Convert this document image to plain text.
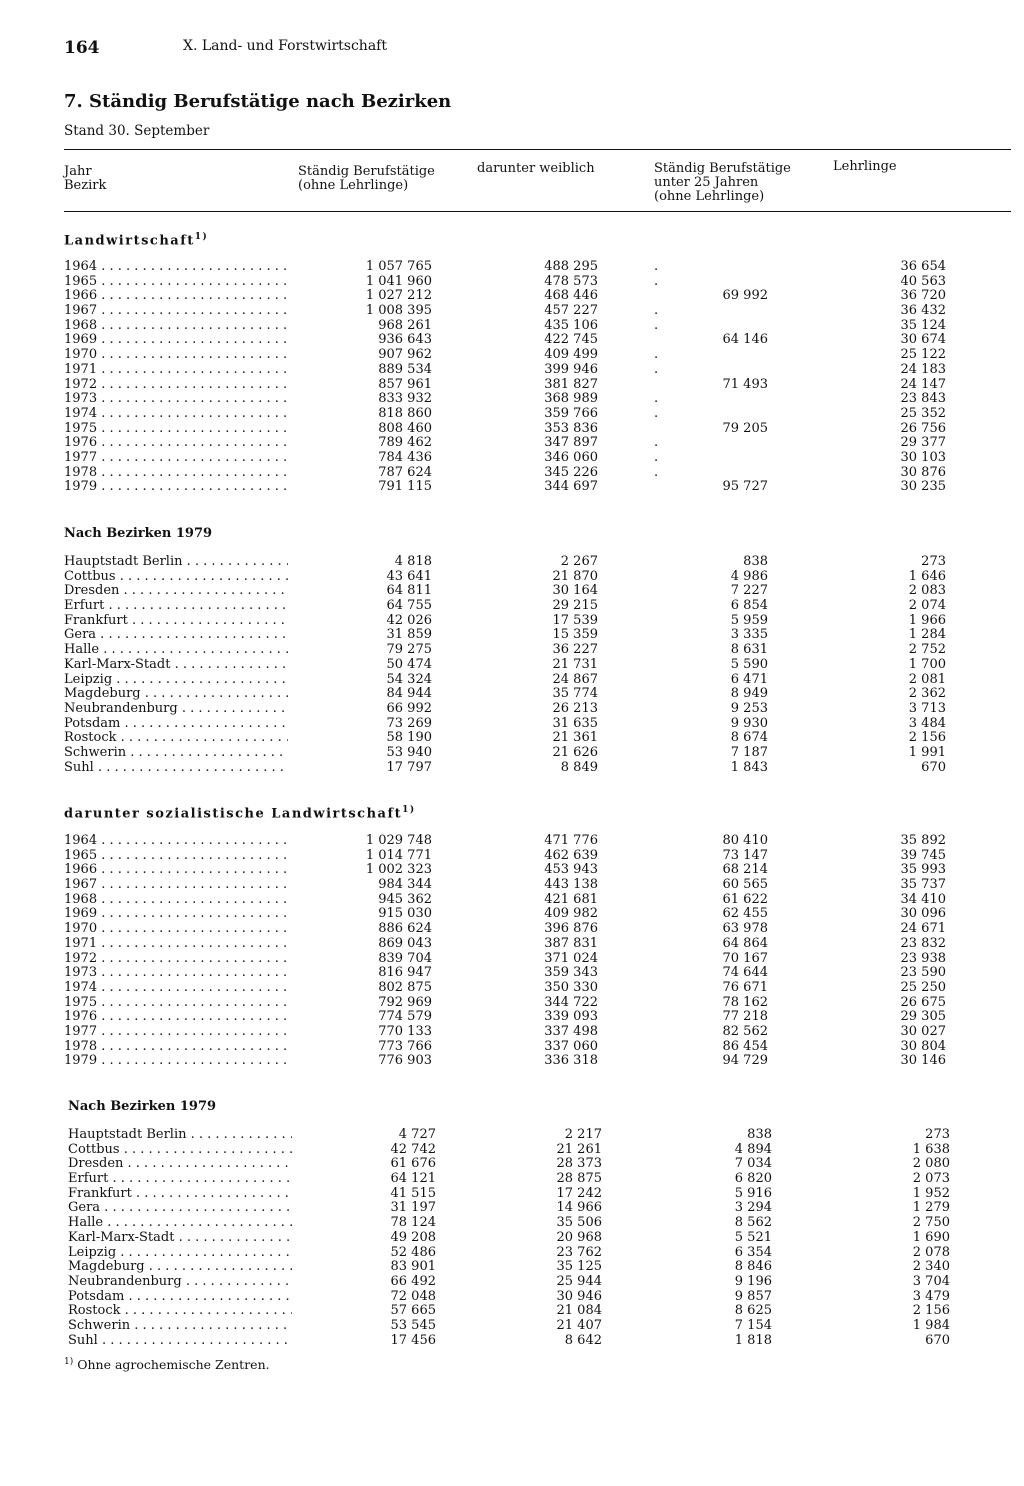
164	X. Land- und Forstwirtschaft
7. Ständig Berufstätige nach Bezirken
Stand 30. September
Jahr
Bezirk
Ständig Berufstätige
(ohne Lehrlinge)
darunter weiblich	Ständig Berufstätige
unter 25 Jahren
(ohne Lehrlinge)
Lehrlinge
Landwirtschaft$^{1)}$
1964 . . .	1 057 765	488 295	.	36 654
1965 . . .	1 041 960	478 573	.	40 563
1966 . . .	1 027 212	468 446	69 992	36 720
1967 . . .	1 008 395	457 227	.	36 432
1968 . . .	968 261	435 106	.	35 124
1969 . . .	936 643	422 745	64 146	30 674
1970 . . .	907 962	409 499	.	25 122
1971 . . .	889 534	399 946	.	24 183
1972 . . .	857 961	381 827	71 493	24 147
1973 . . .	833 932	368 989	.	23 843
1974 . . .	818 860	359 766	.	25 352
1975 . . .	808 460	353 836	79 205	26 756
1976 . . .	789 462	347 897	.	29 377
1977 . . .	784 436	346 060	.	30 103
1978 . . .	787 624	345 226	.	30 876
1979 . . .	791 115	344 697	95 727	30 235
Nach Bezirken 1979
Hauptstadt Berlin . . .	4 818	2 267	838	273
Cottbus . . .	43 641	21 870	4 986	1 646
Dresden . . .	64 811	30 164	7 227	2 083
Erfurt . . .	64 755	29 215	6 854	2 074
Frankfurt . . .	42 026	17 539	5 959	1 966
Gera . . .	31 859	15 359	3 335	1 284
Halle . . .	79 275	36 227	8 631	2 752
Karl-Marx-Stadt . . .	50 474	21 731	5 590	1 700
Leipzig . . .	54 324	24 867	6 471	2 081
Magdeburg . . .	84 944	35 774	8 949	2 362
Neubrandenburg . . .	66 992	26 213	9 253	3 713
Potsdam . . .	73 269	31 635	9 930	3 484
Rostock . . .	58 190	21 361	8 674	2 156
Schwerin . . .	53 940	21 626	7 187	1 991
Suhl . . .	17 797	8 849	1 843	670
darunter sozialistische Landwirtschaft$^{1)}$
1964 . . .	1 029 748	471 776	80 410	35 892
1965 . . .	1 014 771	462 639	73 147	39 745
1966 . . .	1 002 323	453 943	68 214	35 993
1967 . . .	984 344	443 138	60 565	35 737
1968 . . .	945 362	421 681	61 622	34 410
1969 . . .	915 030	409 982	62 455	30 096
1970 . . .	886 624	396 876	63 978	24 671
1971 . . .	869 043	387 831	64 864	23 832
1972 . . .	839 704	371 024	70 167	23 938
1973 . . .	816 947	359 343	74 644	23 590
1974 . . .	802 875	350 330	76 671	25 250
1975 . . .	792 969	344 722	78 162	26 675
1976 . . .	774 579	339 093	77 218	29 305
1977 . . .	770 133	337 498	82 562	30 027
1978 . . .	773 766	337 060	86 454	30 804
1979 . . .	776 903	336 318	94 729	30 146
Nach Bezirken 1979
Hauptstadt Berlin . . .	4 727	2 217	838	273
Cottbus . . .	42 742	21 261	4 894	1 638
Dresden . . .	61 676	28 373	7 034	2 080
Erfurt . . .	64 121	28 875	6 820	2 073
Frankfurt . . .	41 515	17 242	5 916	1 952
Gera . . .	31 197	14 966	3 294	1 279
Halle . . .	78 124	35 506	8 562	2 750
Karl-Marx-Stadt . . .	49 208	20 968	5 521	1 690
Leipzig . . .	52 486	23 762	6 354	2 078
Magdeburg . . .	83 901	35 125	8 846	2 340
Neubrandenburg . . .	66 492	25 944	9 196	3 704
Potsdam . . .	72 048	30 946	9 857	3 479
Rostock . . .	57 665	21 084	8 625	2 156
Schwerin . . .	53 545	21 407	7 154	1 984
Suhl . . .	17 456	8 642	1 818	670
$^{1)}$ Ohne agrochemische Zentren.
